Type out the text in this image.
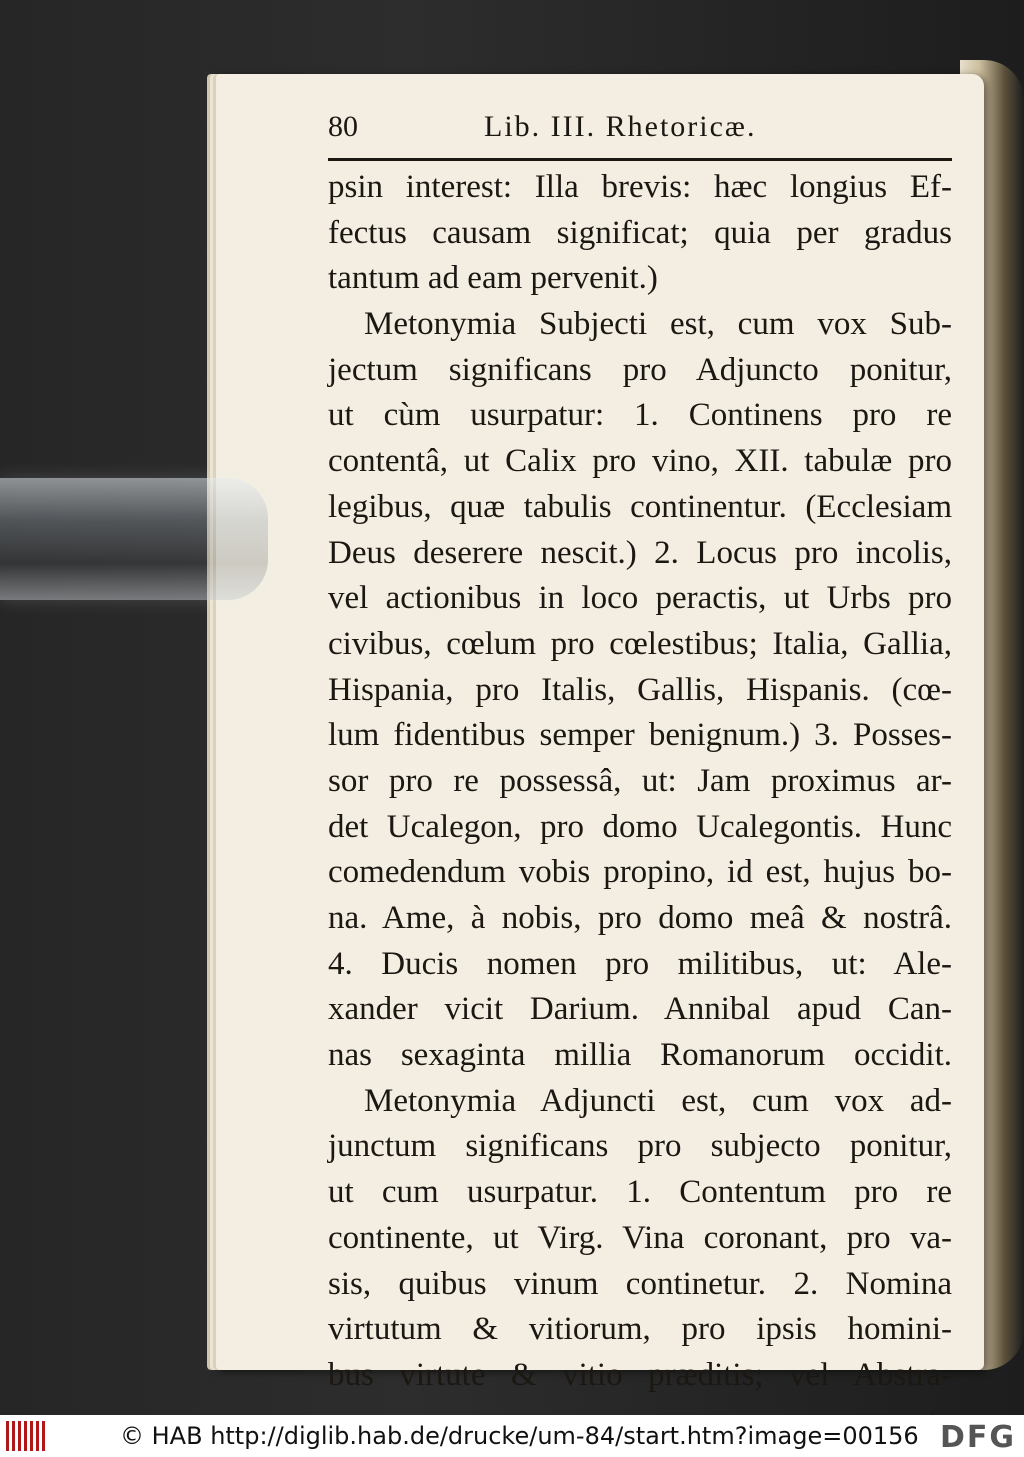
80	Lib. III. Rhetoricæ.
psin interest: Illa brevis: hæc longius Ef-
fectus causam significat; quia per gradus
tantum ad eam pervenit.)
Metonymia Subjecti est, cum vox Sub-
jectum significans pro Adjuncto ponitur,
ut cùm usurpatur: 1. Continens pro re
contentâ, ut Calix pro vino, XII. tabulæ pro
legibus, quæ tabulis continentur. (Ecclesiam
Deus deserere nescit.) 2. Locus pro incolis,
vel actionibus in loco peractis, ut Urbs pro
civibus, cœlum pro cœlestibus; Italia, Gallia,
Hispania, pro Italis, Gallis, Hispanis. (cœ-
lum fidentibus semper benignum.) 3. Posses-
sor pro re possessâ, ut: Jam proximus ar-
det Ucalegon, pro domo Ucalegontis. Hunc
comedendum vobis propino, id est, hujus bo-
na. Ame, à nobis, pro domo meâ & nostrâ.
4. Ducis nomen pro militibus, ut: Ale-
xander vicit Darium. Annibal apud Can-
nas sexaginta millia Romanorum occidit.
Metonymia Adjuncti est, cum vox ad-
junctum significans pro subjecto ponitur,
ut cum usurpatur. 1. Contentum pro re
continente, ut Virg. Vina coronant, pro va-
sis, quibus vinum continetur. 2. Nomina
virtutum & vitiorum, pro ipsis homini-
bus virtute & vitio præditis; vel Abstra-
© HAB http://diglib.hab.de/drucke/um-84/start.htm?image=00156 DFG
